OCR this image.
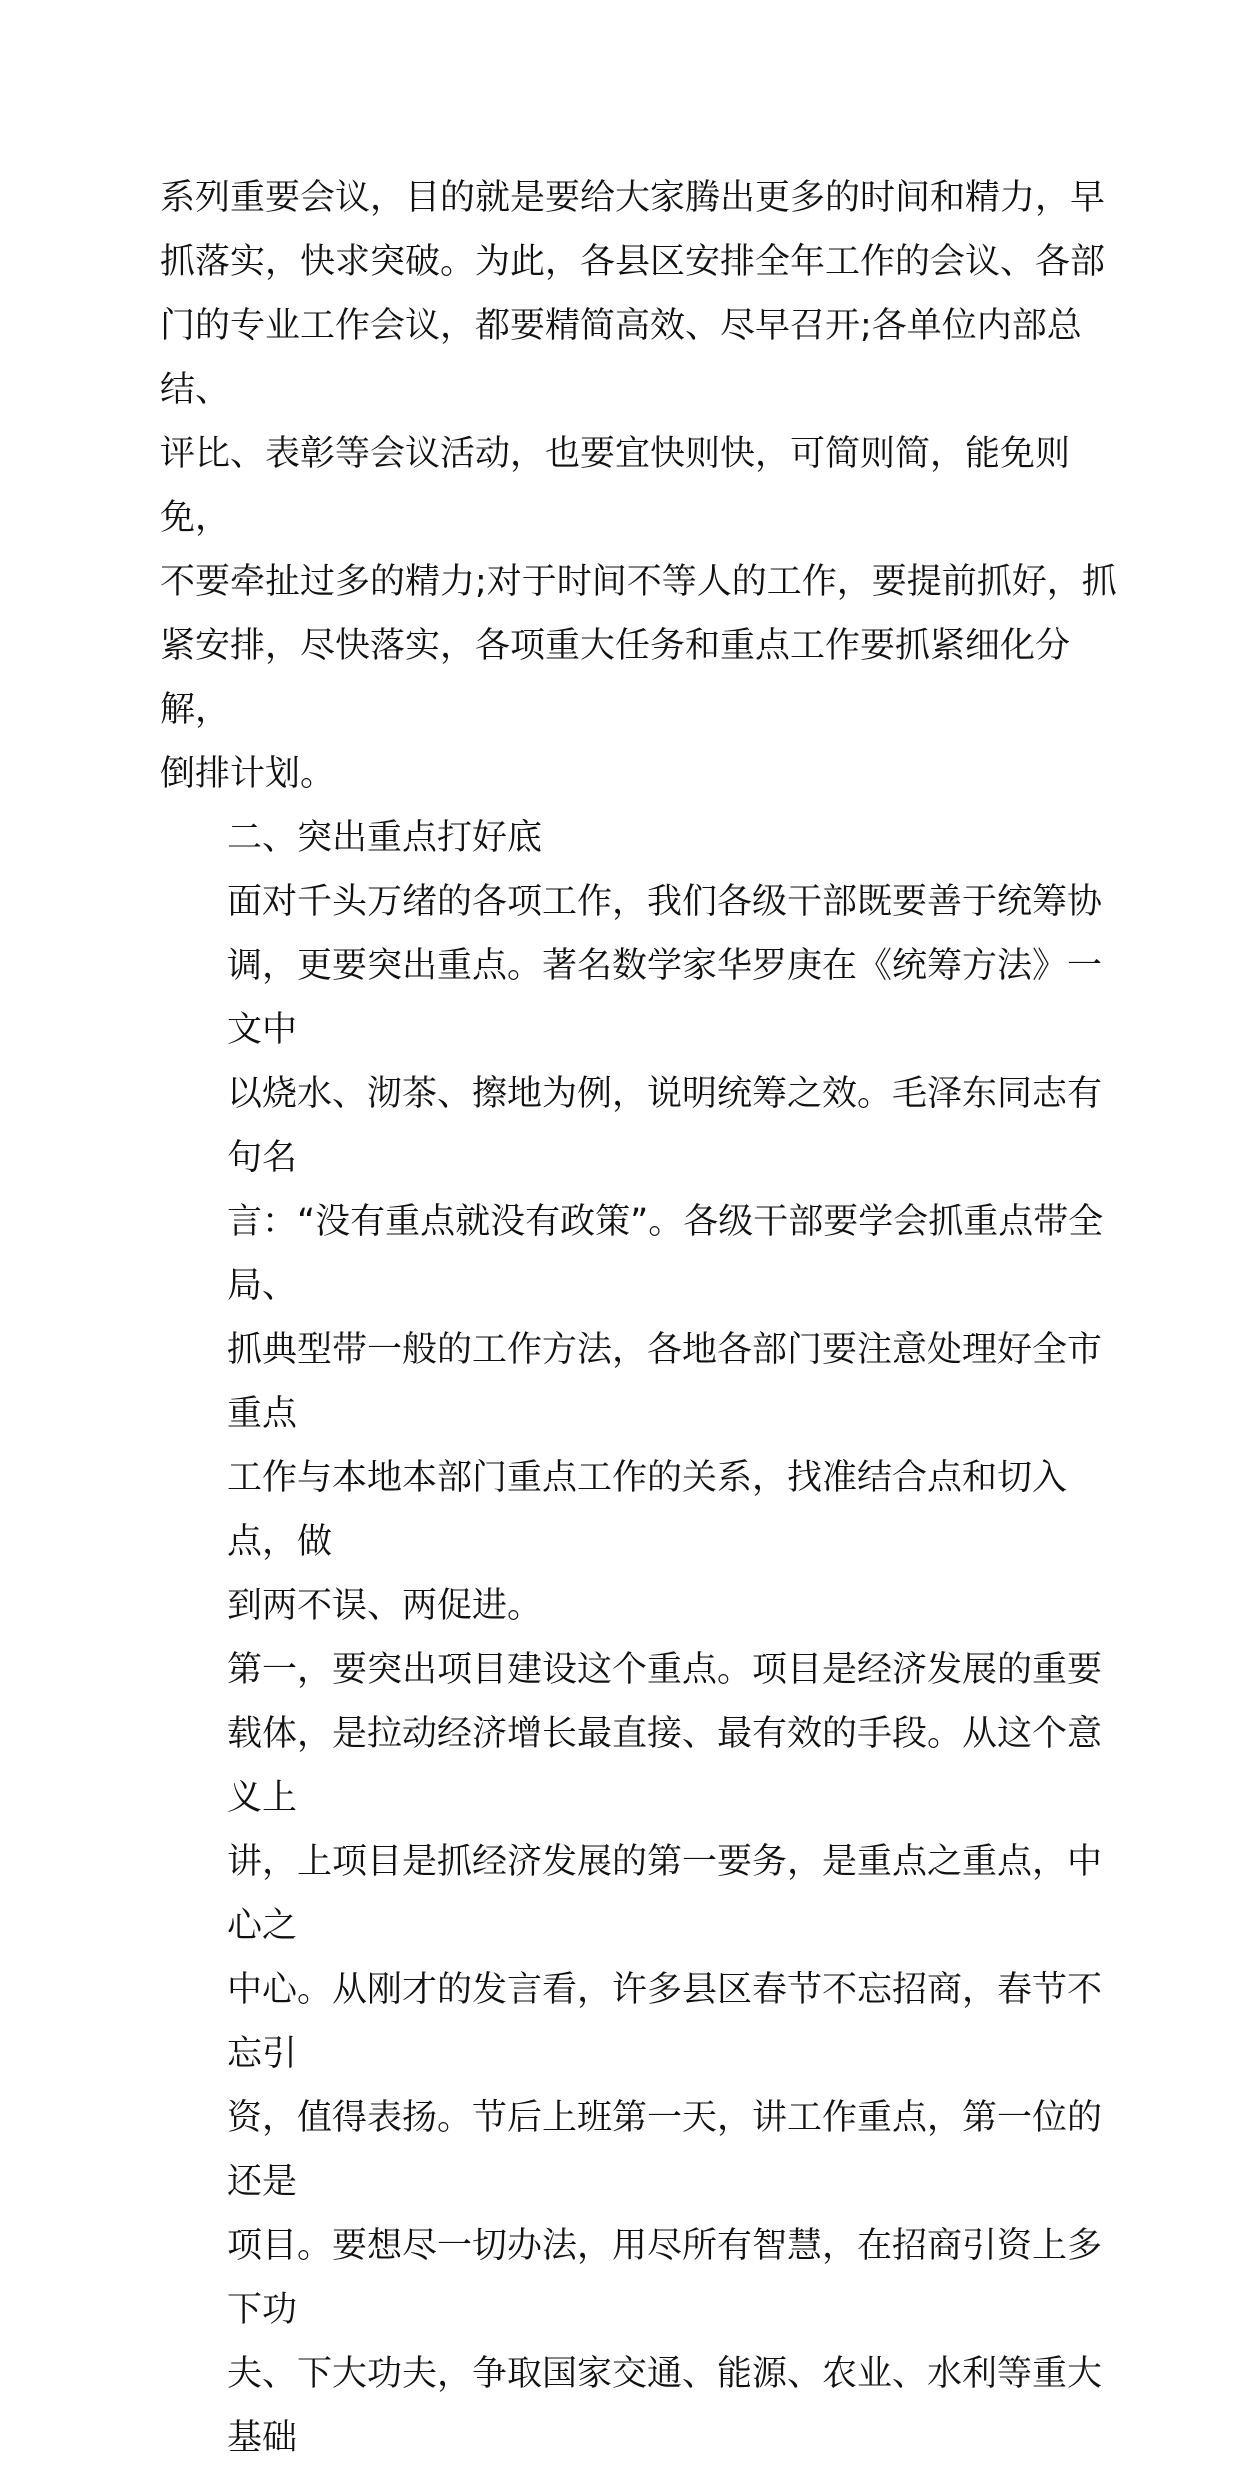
系列重要会议，目的就是要给大家腾出更多的时间和精力，早
抓落实，快求突破。为此，各县区安排全年工作的会议、各部
门的专业工作会议，都要精简高效、尽早召开;各单位内部总结、
评比、表彰等会议活动，也要宜快则快，可简则简，能免则免，
不要牵扯过多的精力;对于时间不等人的工作，要提前抓好，抓
紧安排，尽快落实，各项重大任务和重点工作要抓紧细化分解，
倒排计划。

二、突出重点打好底

面对千头万绪的各项工作，我们各级干部既要善于统筹协
调，更要突出重点。著名数学家华罗庚在《统筹方法》一文中
以烧水、沏茶、擦地为例，说明统筹之效。毛泽东同志有句名
言：“没有重点就没有政策”。各级干部要学会抓重点带全局、
抓典型带一般的工作方法，各地各部门要注意处理好全市重点
工作与本地本部门重点工作的关系，找准结合点和切入点，做
到两不误、两促进。

第一，要突出项目建设这个重点。项目是经济发展的重要
载体，是拉动经济增长最直接、最有效的手段。从这个意义上
讲，上项目是抓经济发展的第一要务，是重点之重点，中心之
中心。从刚才的发言看，许多县区春节不忘招商，春节不忘引
资，值得表扬。节后上班第一天，讲工作重点，第一位的还是
项目。要想尽一切办法，用尽所有智慧，在招商引资上多下功
夫、下大功夫，争取国家交通、能源、农业、水利等重大基础
